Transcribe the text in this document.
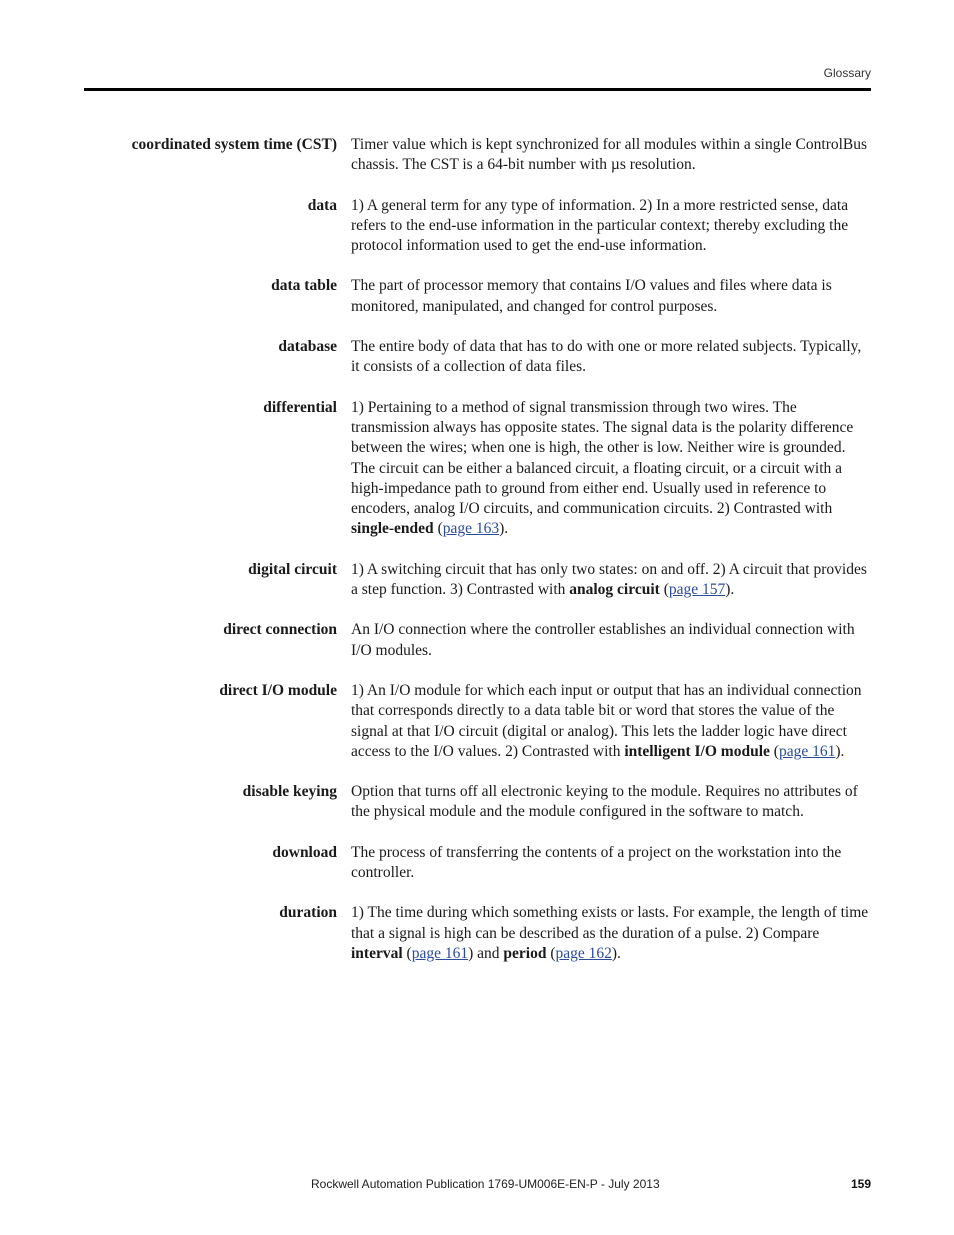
Glossary
coordinated system time (CST) Timer value which is kept synchronized for all modules within a single ControlBus chassis. The CST is a 64-bit number with µs resolution.
data 1) A general term for any type of information. 2) In a more restricted sense, data refers to the end-use information in the particular context; thereby excluding the protocol information used to get the end-use information.
data table The part of processor memory that contains I/O values and files where data is monitored, manipulated, and changed for control purposes.
database The entire body of data that has to do with one or more related subjects. Typically, it consists of a collection of data files.
differential 1) Pertaining to a method of signal transmission through two wires. The transmission always has opposite states. The signal data is the polarity difference between the wires; when one is high, the other is low. Neither wire is grounded. The circuit can be either a balanced circuit, a floating circuit, or a circuit with a high-impedance path to ground from either end. Usually used in reference to encoders, analog I/O circuits, and communication circuits. 2) Contrasted with single-ended (page 163).
digital circuit 1) A switching circuit that has only two states: on and off. 2) A circuit that provides a step function. 3) Contrasted with analog circuit (page 157).
direct connection An I/O connection where the controller establishes an individual connection with I/O modules.
direct I/O module 1) An I/O module for which each input or output that has an individual connection that corresponds directly to a data table bit or word that stores the value of the signal at that I/O circuit (digital or analog). This lets the ladder logic have direct access to the I/O values. 2) Contrasted with intelligent I/O module (page 161).
disable keying Option that turns off all electronic keying to the module. Requires no attributes of the physical module and the module configured in the software to match.
download The process of transferring the contents of a project on the workstation into the controller.
duration 1) The time during which something exists or lasts. For example, the length of time that a signal is high can be described as the duration of a pulse. 2) Compare interval (page 161) and period (page 162).
Rockwell Automation Publication 1769-UM006E-EN-P - July 2013	159
